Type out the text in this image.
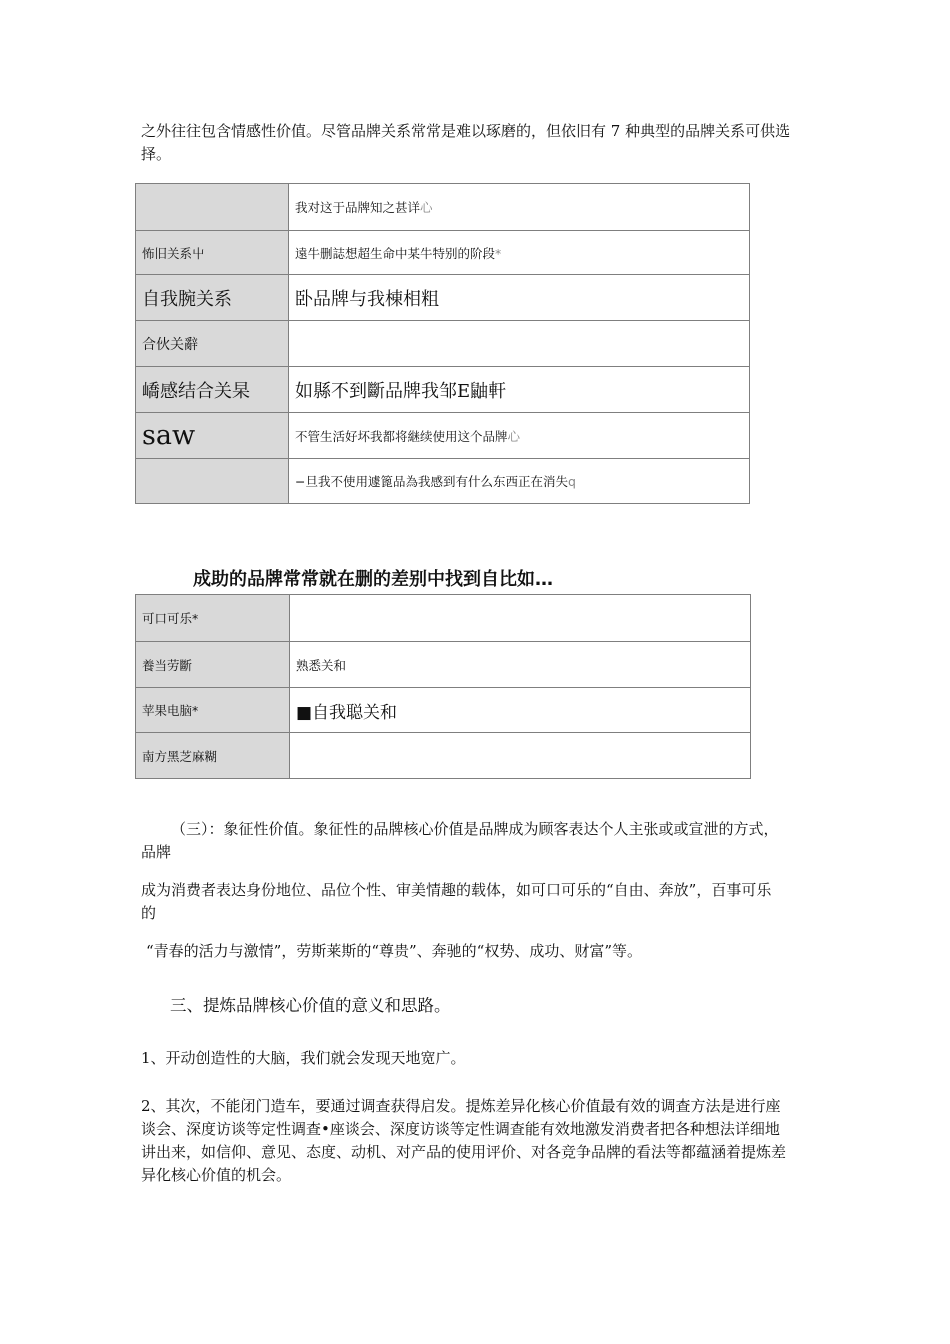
之外往往包含情感性价值。尽管品牌关系常常是难以琢磨的，但依旧有 7 种典型的品牌关系可供选
择。
	我对这于品牌知之甚详心
怖旧关系屮	遠牛删誌想超生命中某牛特别的阶段*
自我腕关系	卧品牌与我棟相粗
合伙关辭	
嶠感结合关杲	如縣不到斷品牌我邹E鼬軒
saw	不管生活好坏我都将継续使用这个品牌心
	−旦我不使用遽篦品為我感到有什么东西正在消失q
成助的品牌常常就在删的差别中找到自比如…
可口可乐*	
養当劳斷	熟悉关和
苹果电脑*	■自我聪关和
南方黑芝麻糊	
（三）：象征性价值。象征性的品牌核心价值是品牌成为顾客表达个人主张或或宣泄的方式，
品牌
成为消费者表达身份地位、品位个性、审美情趣的载体，如可口可乐的“自由、奔放”，百事可乐
的
“青春的活力与激情”，劳斯莱斯的“尊贵”、奔驰的“权势、成功、财富”等。
三、提炼品牌核心价值的意义和思路。
1、开动创造性的大脑，我们就会发现天地宽广。
2、其次，不能闭门造车，要通过调查获得启发。提炼差异化核心价值最有效的调查方法是进行座
谈会、深度访谈等定性调查•座谈会、深度访谈等定性调查能有效地激发消费者把各种想法详细地
讲出来，如信仰、意见、态度、动机、对产品的使用评价、对各竞争品牌的看法等都蕴涵着提炼差
异化核心价值的机会。
